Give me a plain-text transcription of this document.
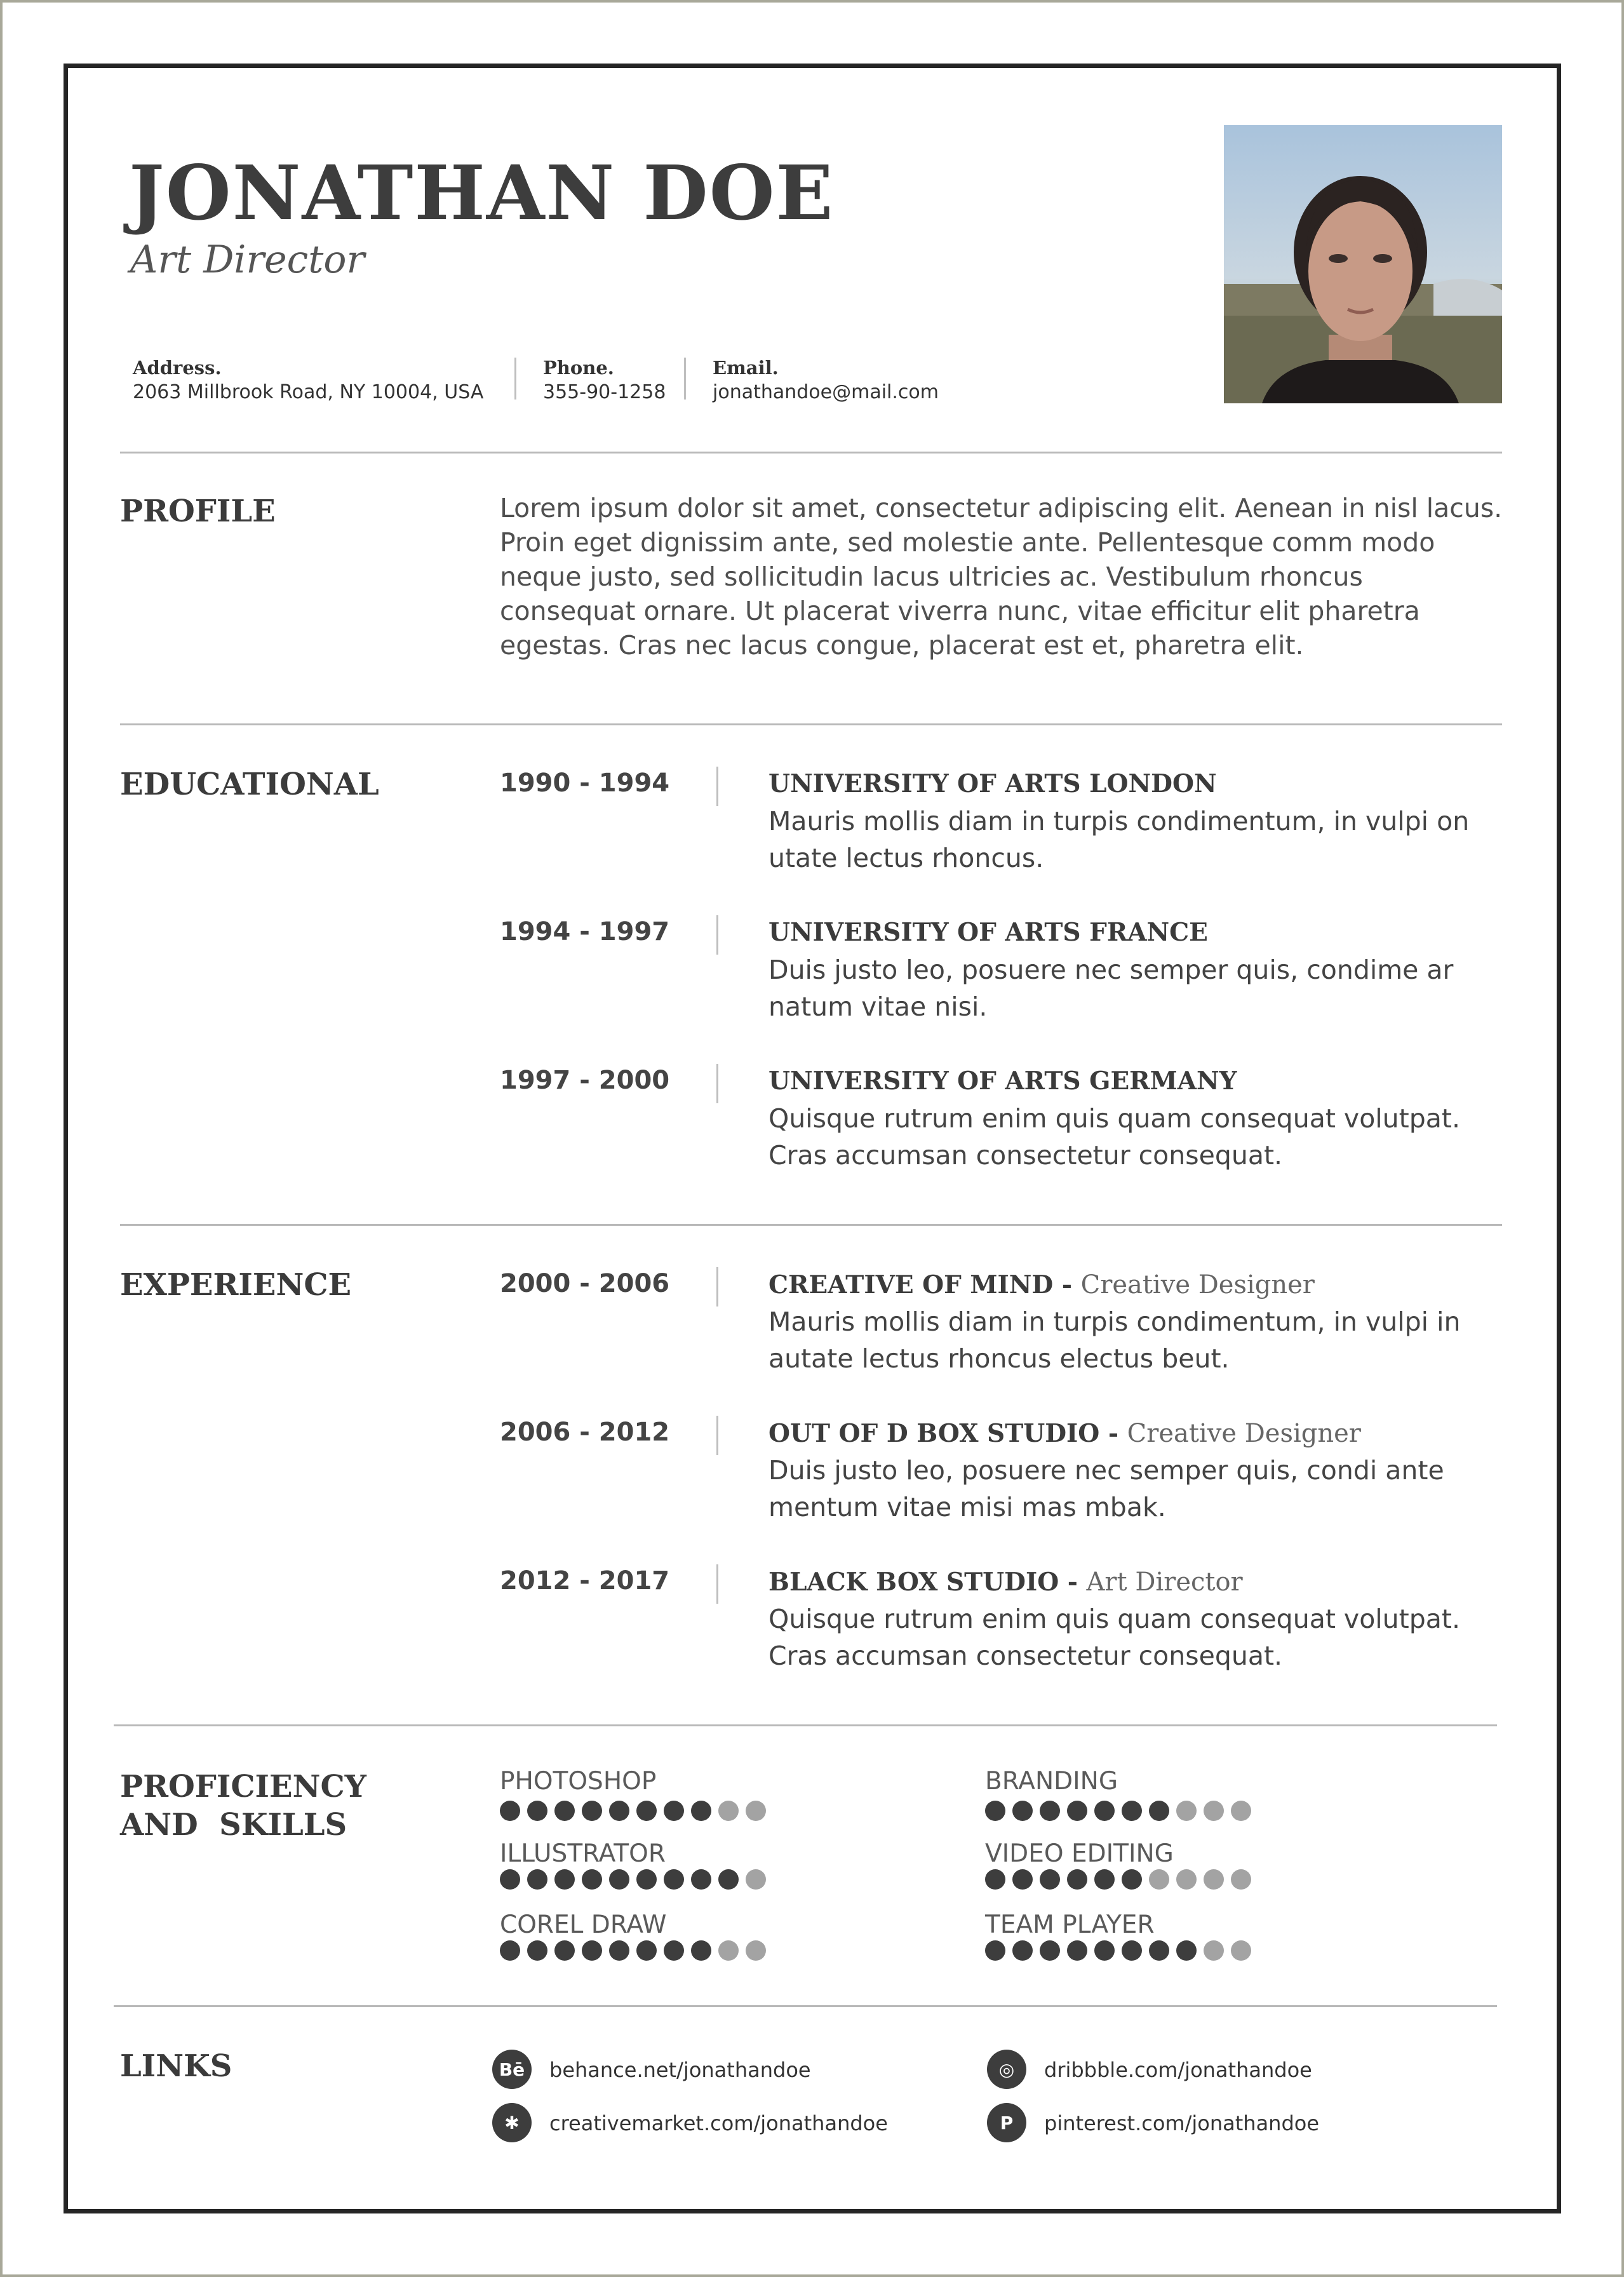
JONATHAN DOE
Art Director
Address.
2063 Millbrook Road, NY 10004, USA
Phone.
355-90-1258
Email.
jonathandoe@mail.com
PROFILE	Lorem ipsum dolor sit amet, consectetur adipiscing elit. Aenean in nisl lacus. Proin eget dignissim ante, sed molestie ante. Pellentesque comm modo neque justo, sed sollicitudin lacus ultricies ac. Vestibulum rhoncus consequat ornare. Ut placerat viverra nunc, vitae efficitur elit pharetra egestas. Cras nec lacus congue, placerat est et, pharetra elit.
EDUCATIONAL	1990 - 1994	UNIVERSITY OF ARTS LONDON
Mauris mollis diam in turpis condimentum, in vulpi on utate lectus rhoncus.
1994 - 1997	UNIVERSITY OF ARTS FRANCE
Duis justo leo, posuere nec semper quis, condime ar natum vitae nisi.
1997 - 2000	UNIVERSITY OF ARTS GERMANY
Quisque rutrum enim quis quam consequat volutpat. Cras accumsan consectetur consequat.
EXPERIENCE	2000 - 2006	CREATIVE OF MIND - Creative Designer
Mauris mollis diam in turpis condimentum, in vulpi in autate lectus rhoncus electus beut.
2006 - 2012	OUT OF D BOX STUDIO - Creative Designer
Duis justo leo, posuere nec semper quis, condi ante mentum vitae misi mas mbak.
2012 - 2017	BLACK BOX STUDIO - Art Director
Quisque rutrum enim quis quam consequat volutpat. Cras accumsan consectetur consequat.
PROFICIENCY
AND  SKILLS
PHOTOSHOP
ILLUSTRATOR
COREL DRAW
BRANDING
VIDEO EDITING
TEAM PLAYER
LINKS	Bē	behance.net/jonathandoe	◎	dribbble.com/jonathandoe
✱	creativemarket.com/jonathandoe	P	pinterest.com/jonathandoe
